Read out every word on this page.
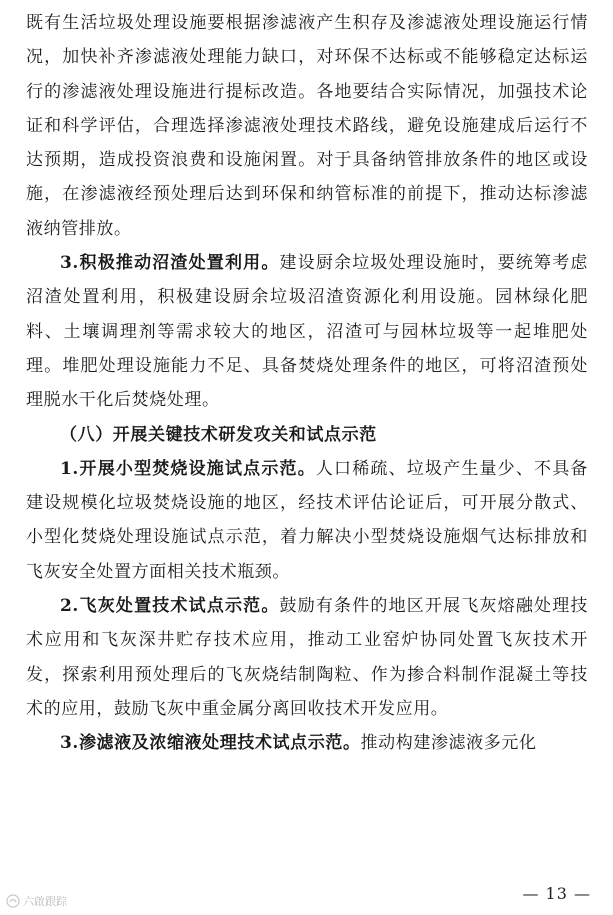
既有生活垃圾处理设施要根据渗滤液产生积存及渗滤液处理设施运行情况，加快补齐渗滤液处理能力缺口，对环保不达标或不能够稳定达标运行的渗滤液处理设施进行提标改造。各地要结合实际情况，加强技术论证和科学评估，合理选择渗滤液处理技术路线，避免设施建成后运行不达预期，造成投资浪费和设施闲置。对于具备纳管排放条件的地区或设施，在渗滤液经预处理后达到环保和纳管标准的前提下，推动达标渗滤液纳管排放。

3.积极推动沼渣处置利用。建设厨余垃圾处理设施时，要统筹考虑沼渣处置利用，积极建设厨余垃圾沼渣资源化利用设施。园林绿化肥料、土壤调理剂等需求较大的地区，沼渣可与园林垃圾等一起堆肥处理。堆肥处理设施能力不足、具备焚烧处理条件的地区，可将沼渣预处理脱水干化后焚烧处理。

（八）开展关键技术研发攻关和试点示范

1.开展小型焚烧设施试点示范。人口稀疏、垃圾产生量少、不具备建设规模化垃圾焚烧设施的地区，经技术评估论证后，可开展分散式、小型化焚烧处理设施试点示范，着力解决小型焚烧设施烟气达标排放和飞灰安全处置方面相关技术瓶颈。

2.飞灰处置技术试点示范。鼓励有条件的地区开展飞灰熔融处理技术应用和飞灰深井贮存技术应用，推动工业窑炉协同处置飞灰技术开发，探索利用预处理后的飞灰烧结制陶粒、作为掺合料制作混凝土等技术的应用，鼓励飞灰中重金属分离回收技术开发应用。

3.渗滤液及浓缩液处理技术试点示范。推动构建渗滤液多元化

六啟跟踪	— 13 —
